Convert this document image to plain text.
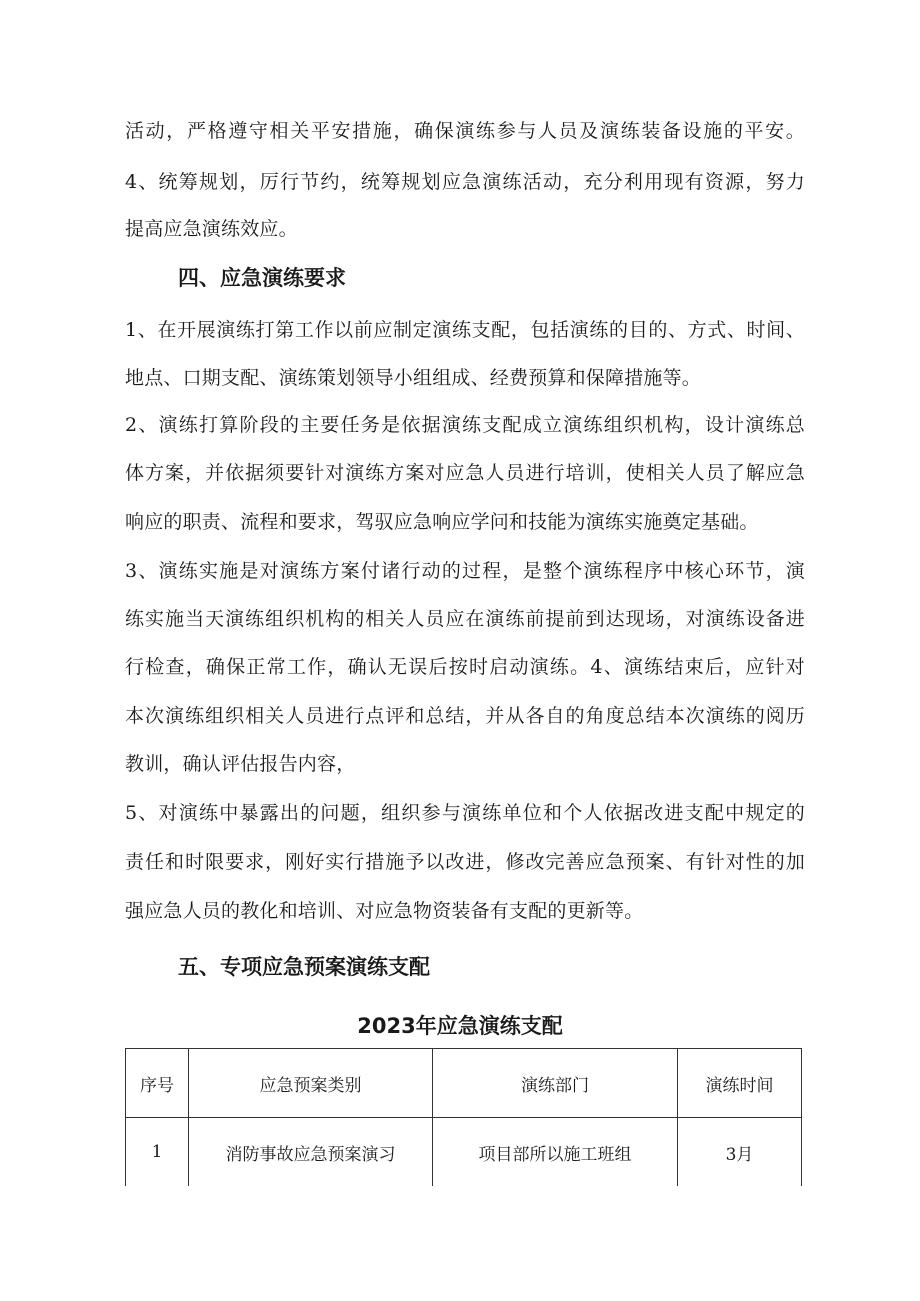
活动，严格遵守相关平安措施，确保演练参与人员及演练装备设施的平安。
4、统筹规划，厉行节约，统筹规划应急演练活动，充分利用现有资源，努力
提高应急演练效应。
四、应急演练要求
1、在开展演练打第工作以前应制定演练支配，包括演练的目的、方式、时间、
地点、口期支配、演练策划领导小组组成、经费预算和保障措施等。
2、演练打算阶段的主要任务是依据演练支配成立演练组织机构，设计演练总
体方案，并依据须要针对演练方案对应急人员进行培训，使相关人员了解应急
响应的职责、流程和要求，驾驭应急响应学问和技能为演练实施奠定基础。
3、演练实施是对演练方案付诸行动的过程，是整个演练程序中核心环节，演
练实施当天演练组织机构的相关人员应在演练前提前到达现场，对演练设备进
行检查，确保正常工作，确认无误后按时启动演练。4、演练结束后，应针对
本次演练组织相关人员进行点评和总结，并从各自的角度总结本次演练的阅历
教训，确认评估报告内容，
5、对演练中暴露出的问题，组织参与演练单位和个人依据改进支配中规定的
责任和时限要求，刚好实行措施予以改进，修改完善应急预案、有针对性的加
强应急人员的教化和培训、对应急物资装备有支配的更新等。
五、专项应急预案演练支配
2023年应急演练支配
序号	应急预案类别	演练部门	演练时间
1	消防事故应急预案演习	项目部所以施工班组	3月
